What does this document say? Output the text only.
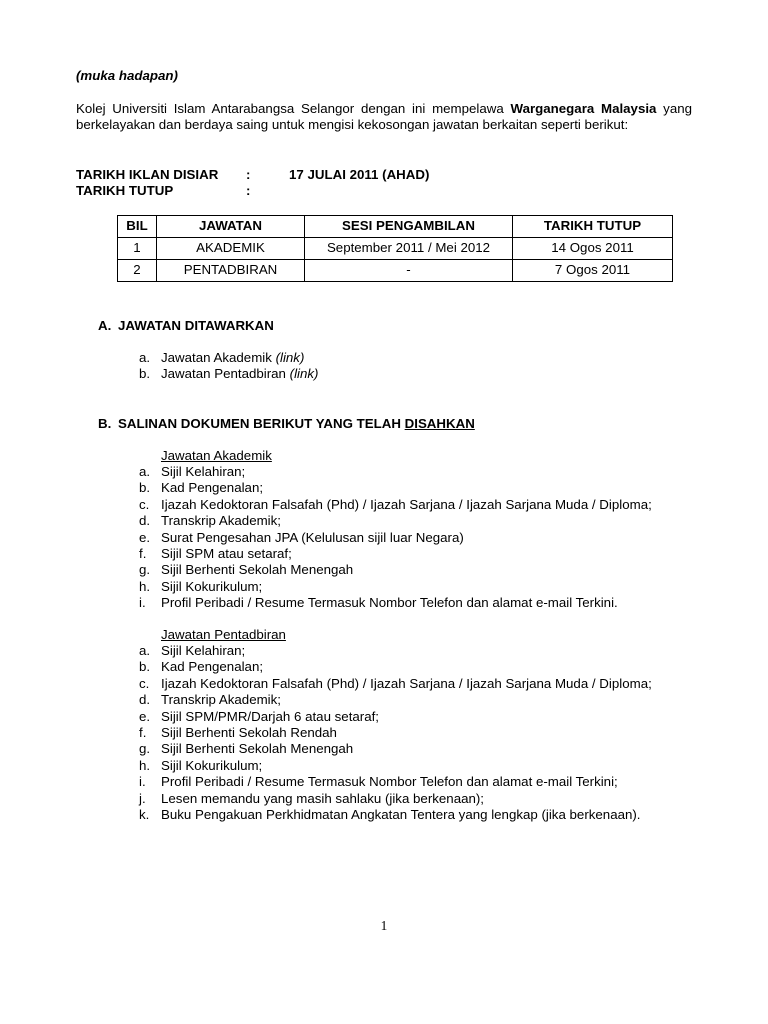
(muka hadapan)
Kolej Universiti Islam Antarabangsa Selangor dengan ini mempelawa Warganegara Malaysia yang berkelayakan dan berdaya saing untuk mengisi kekosongan jawatan berkaitan seperti berikut:
TARIKH IKLAN DISIAR :	17 JULAI 2011 (AHAD)
TARIKH TUTUP	:
BIL	JAWATAN	SESI PENGAMBILAN	TARIKH TUTUP
1	AKADEMIK	September 2011 / Mei 2012	14 Ogos 2011
2	PENTADBIRAN	-	7 Ogos 2011
A. JAWATAN DITAWARKAN
a. Jawatan Akademik (link)
b. Jawatan Pentadbiran (link)
B. SALINAN DOKUMEN BERIKUT YANG TELAH DISAHKAN
Jawatan Akademik
a. Sijil Kelahiran;
b. Kad Pengenalan;
c. Ijazah Kedoktoran Falsafah (Phd) / Ijazah Sarjana / Ijazah Sarjana Muda / Diploma;
d. Transkrip Akademik;
e. Surat Pengesahan JPA (Kelulusan sijil luar Negara)
f.	Sijil SPM atau setaraf;
g. Sijil Berhenti Sekolah Menengah
h. Sijil Kokurikulum;
i.	Profil Peribadi / Resume Termasuk Nombor Telefon dan alamat e-mail Terkini.
Jawatan Pentadbiran
a. Sijil Kelahiran;
b. Kad Pengenalan;
c. Ijazah Kedoktoran Falsafah (Phd) / Ijazah Sarjana / Ijazah Sarjana Muda / Diploma;
d. Transkrip Akademik;
e. Sijil SPM/PMR/Darjah 6 atau setaraf;
f.	Sijil Berhenti Sekolah Rendah
g. Sijil Berhenti Sekolah Menengah
h. Sijil Kokurikulum;
i.	Profil Peribadi / Resume Termasuk Nombor Telefon dan alamat e-mail Terkini;
j.	Lesen memandu yang masih sahlaku (jika berkenaan);
k. Buku Pengakuan Perkhidmatan Angkatan Tentera yang lengkap (jika berkenaan).
1
